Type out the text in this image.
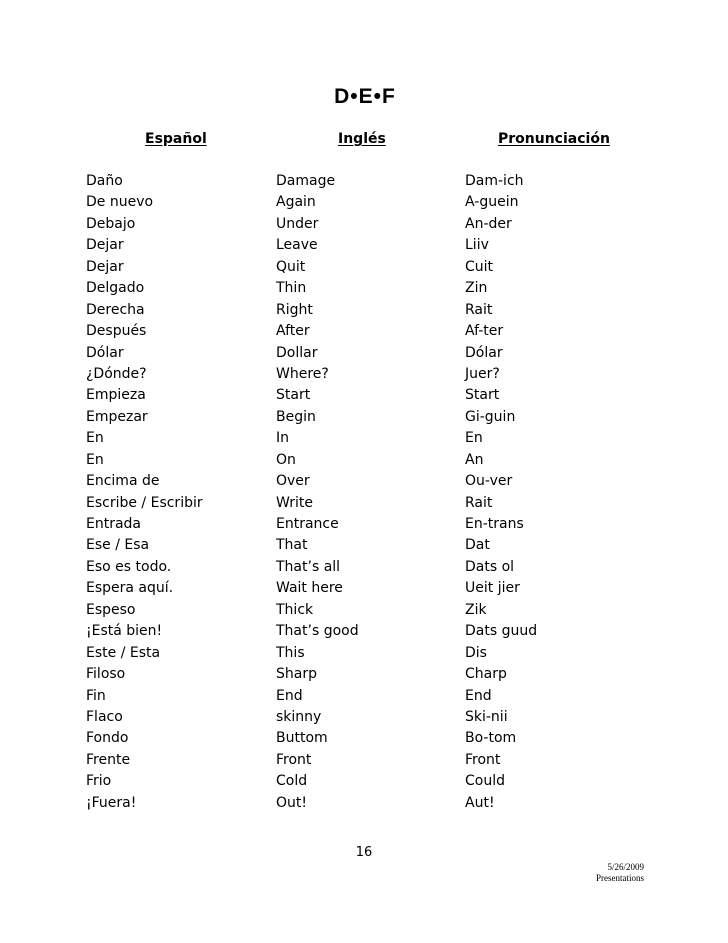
D•E•F
Español	Inglés	Pronunciación
Daño	Damage	Dam-ich
De nuevo	Again	A-guein
Debajo	Under	An-der
Dejar	Leave	Liiv
Dejar	Quit	Cuit
Delgado	Thin	Zin
Derecha	Right	Rait
Después	After	Af-ter
Dólar	Dollar	Dólar
¿Dónde?	Where?	Juer?
Empieza	Start	Start
Empezar	Begin	Gi-guin
En	In	En
En	On	An
Encima de	Over	Ou-ver
Escribe / Escribir	Write	Rait
Entrada	Entrance	En-trans
Ese / Esa	That	Dat
Eso es todo.	That’s all	Dats ol
Espera aquí.	Wait here	Ueit jier
Espeso	Thick	Zik
¡Está bien!	That’s good	Dats guud
Este / Esta	This	Dis
Filoso	Sharp	Charp
Fin	End	End
Flaco	skinny	Ski-nii
Fondo	Buttom	Bo-tom
Frente	Front	Front
Frio	Cold	Could
¡Fuera!	Out!	Aut!
16
5/26/2009
Presentations
